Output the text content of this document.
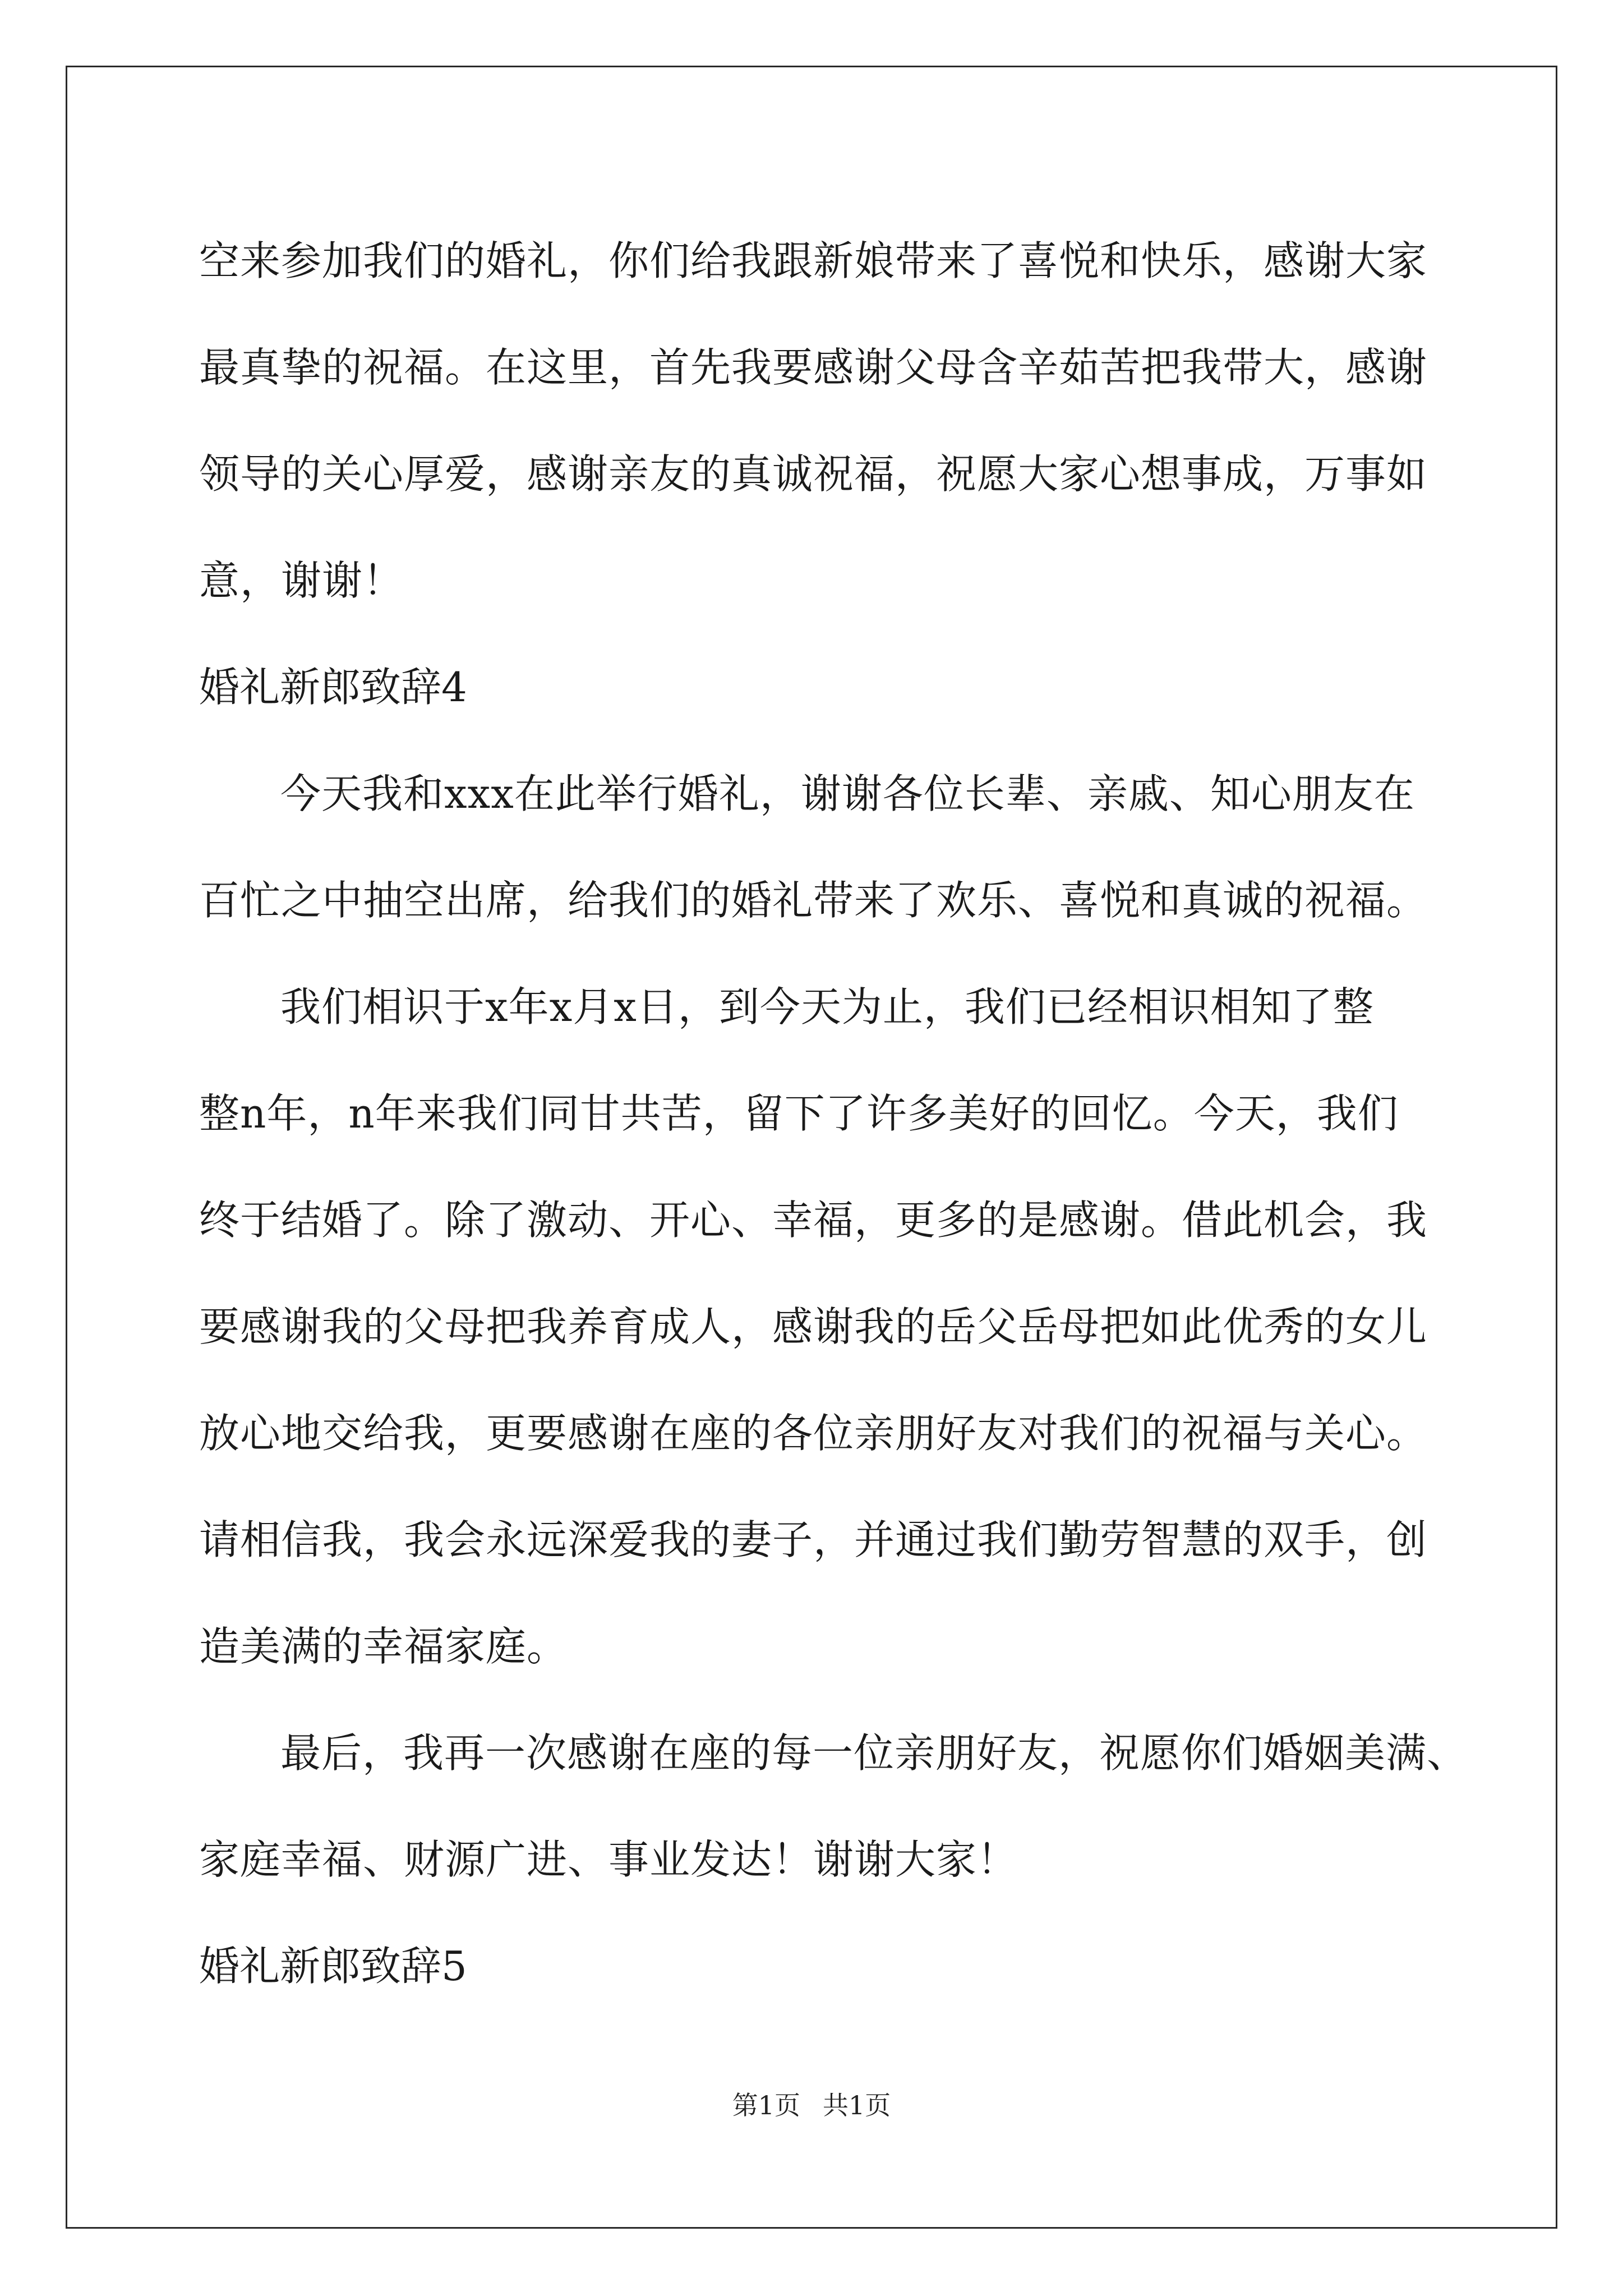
空来参加我们的婚礼，你们给我跟新娘带来了喜悦和快乐，感谢大家
最真挚的祝福。在这里，首先我要感谢父母含辛茹苦把我带大，感谢
领导的关心厚爱，感谢亲友的真诚祝福，祝愿大家心想事成，万事如
意，谢谢！
婚礼新郎致辞4
今天我和xxx在此举行婚礼，谢谢各位长辈、亲戚、知心朋友在
百忙之中抽空出席，给我们的婚礼带来了欢乐、喜悦和真诚的祝福。
我们相识于x年x月x日，到今天为止，我们已经相识相知了整
整n年，n年来我们同甘共苦，留下了许多美好的回忆。今天，我们
终于结婚了。除了激动、开心、幸福，更多的是感谢。借此机会，我
要感谢我的父母把我养育成人，感谢我的岳父岳母把如此优秀的女儿
放心地交给我，更要感谢在座的各位亲朋好友对我们的祝福与关心。
请相信我，我会永远深爱我的妻子，并通过我们勤劳智慧的双手，创
造美满的幸福家庭。
最后，我再一次感谢在座的每一位亲朋好友，祝愿你们婚姻美满、
家庭幸福、财源广进、事业发达！谢谢大家！
婚礼新郎致辞5
第1页 共1页
